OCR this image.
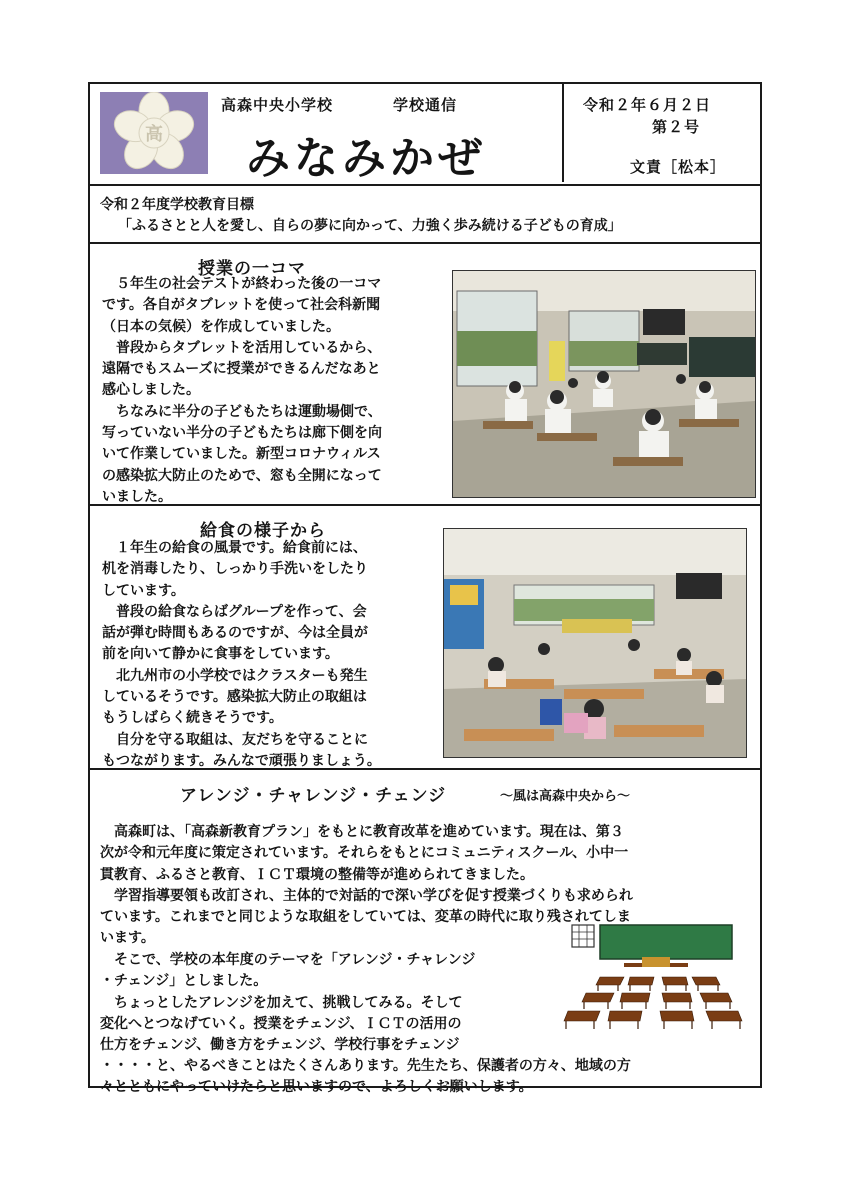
高
高森中央小学校	学校通信
みなみかぜ
令和２年６月２日
第２号
文責［松本］
令和２年度学校教育目標
「ふるさとと人を愛し、自らの夢に向かって、力強く歩み続ける子どもの育成」
授業の一コマ

　５年生の社会テストが終わった後の一コマ
です。各自がタブレットを使って社会科新聞
（日本の気候）を作成していました。
　普段からタブレットを活用しているから、
遠隔でもスムーズに授業ができるんだなあと
感心しました。
　ちなみに半分の子どもたちは運動場側で、
写っていない半分の子どもたちは廊下側を向
いて作業していました。新型コロナウィルス
の感染拡大防止のためで、窓も全開になって
いました。

給食の様子から

　１年生の給食の風景です。給食前には、
机を消毒したり、しっかり手洗いをしたり
しています。
　普段の給食ならばグループを作って、会
話が弾む時間もあるのですが、今は全員が
前を向いて静かに食事をしています。
　北九州市の小学校ではクラスターも発生
しているそうです。感染拡大防止の取組は
もうしばらく続きそうです。
　自分を守る取組は、友だちを守ることに
もつながります。みんなで頑張りましょう。

アレンジ・チャレンジ・チェンジ	～風は高森中央から～

　高森町は、「高森新教育プラン」をもとに教育改革を進めています。現在は、第３
次が令和元年度に策定されています。それらをもとにコミュニティスクール、小中一
貫教育、ふるさと教育、ＩＣＴ環境の整備等が進められてきました。
　学習指導要領も改訂され、主体的で対話的で深い学びを促す授業づくりも求められ
ています。これまでと同じような取組をしていては、変革の時代に取り残されてしま
います。

　そこで、学校の本年度のテーマを「アレンジ・チャレンジ
・チェンジ」としました。
　ちょっとしたアレンジを加えて、挑戦してみる。そして
変化へとつなげていく。授業をチェンジ、ＩＣＴの活用の
仕方をチェンジ、働き方をチェンジ、学校行事をチェンジ

・・・・と、やるべきことはたくさんあります。先生たち、保護者の方々、地域の方
々とともにやっていけたらと思いますので、よろしくお願いします。
